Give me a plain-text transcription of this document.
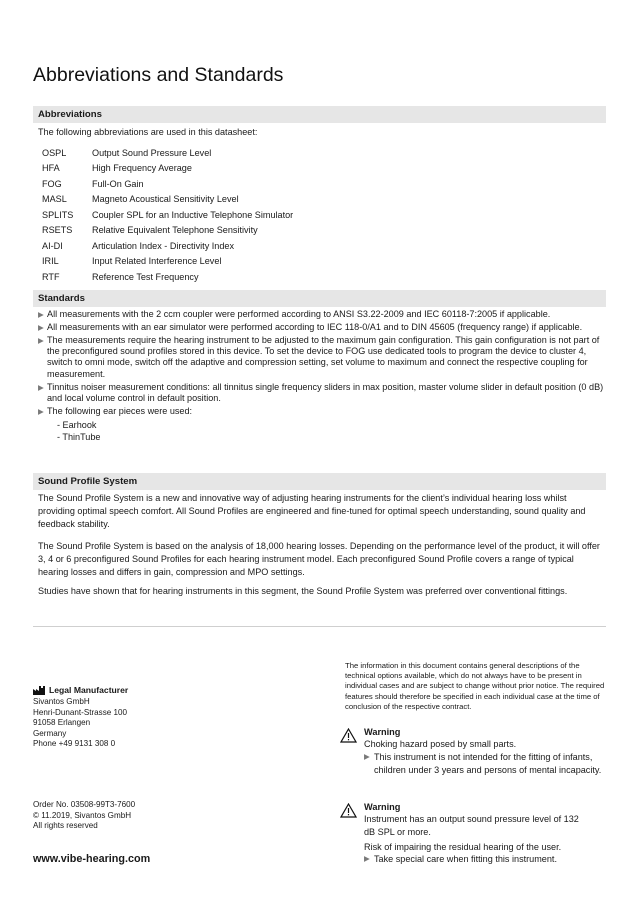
Abbreviations and Standards
Abbreviations
The following abbreviations are used in this datasheet:
OSPL	Output Sound Pressure Level
HFA	High Frequency Average
FOG	Full-On Gain
MASL	Magneto Acoustical Sensitivity Level
SPLITS	Coupler SPL for an Inductive Telephone Simulator
RSETS	Relative Equivalent Telephone Sensitivity
AI-DI	Articulation Index - Directivity Index
IRIL	Input Related Interference Level
RTF	Reference Test Frequency
Standards
▶ All measurements with the 2 ccm coupler were performed according to ANSI S3.22-2009 and IEC 60118-7:2005 if applicable.
▶ All measurements with an ear simulator were performed according to IEC 118-0/A1 and to DIN 45605 (frequency range) if applicable.
▶ The measurements require the hearing instrument to be adjusted to the maximum gain configuration. This gain configuration is not part of the preconfigured sound profiles stored in this device. To set the device to FOG use dedicated tools to program the device to cluster 4, switch to omni mode, switch off the adaptive and compression setting, set volume to maximum and connect the respective coupling for measurement.
▶ Tinnitus noiser measurement conditions: all tinnitus single frequency sliders in max position, master volume slider in default position (0 dB) and local volume control in default position.
▶ The following ear pieces were used:
- Earhook
- ThinTube
Sound Profile System
The Sound Profile System is a new and innovative way of adjusting hearing instruments for the client’s individual hearing loss whilst providing optimal speech comfort. All Sound Profiles are engineered and fine-tuned for optimal speech understanding, sound quality and feedback stability.
The Sound Profile System is based on the analysis of 18,000 hearing losses. Depending on the performance level of the product, it will offer 3, 4 or 6 preconfigured Sound Profiles for each hearing instrument model. Each preconfigured Sound Profile covers a range of typical hearing losses and differs in gain, compression and MPO settings.
Studies have shown that for hearing instruments in this segment, the Sound Profile System was preferred over conventional fittings.
Legal Manufacturer
Sivantos GmbH
Henri-Dunant-Strasse 100
91058 Erlangen
Germany
Phone +49 9131 308 0
Order No. 03508-99T3-7600
© 11.2019, Sivantos GmbH
All rights reserved
www.vibe-hearing.com
The information in this document contains general descriptions of the technical options available, which do not always have to be present in individual cases and are subject to change without prior notice. The required features should therefore be specified in each individual case at the time of conclusion of the respective contract.
Warning
Choking hazard posed by small parts.
▶ This instrument is not intended for the fitting of infants, children under 3 years and persons of mental incapacity.
Warning
Instrument has an output sound pressure level of 132 dB SPL or more.
Risk of impairing the residual hearing of the user.
▶ Take special care when fitting this instrument.
